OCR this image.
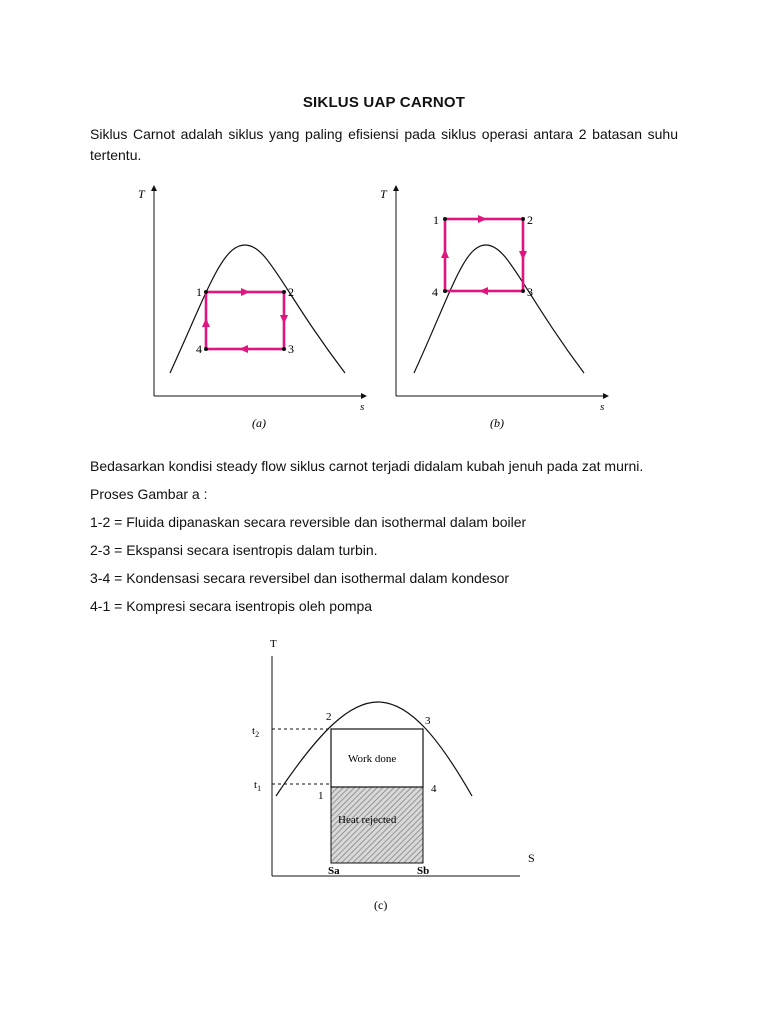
SIKLUS UAP CARNOT
Siklus Carnot adalah siklus yang paling efisiensi pada siklus operasi antara 2 batasan suhu
tertentu.
T
s
1	2
3
4
(a)
T
s
1	2
3
4
(b)
Bedasarkan kondisi steady flow siklus carnot terjadi didalam kubah jenuh pada zat murni.
Proses Gambar a :
1-2 = Fluida dipanaskan secara reversible dan isothermal dalam boiler
2-3 = Ekspansi secara isentropis dalam turbin.
3-4 = Kondensasi secara reversibel dan isothermal dalam kondesor
4-1 = Kompresi secara isentropis oleh pompa
T
S
$t_2$
$t_1$
2	3
1
4
Work done
Heat rejected
Sa	Sb
(c)
